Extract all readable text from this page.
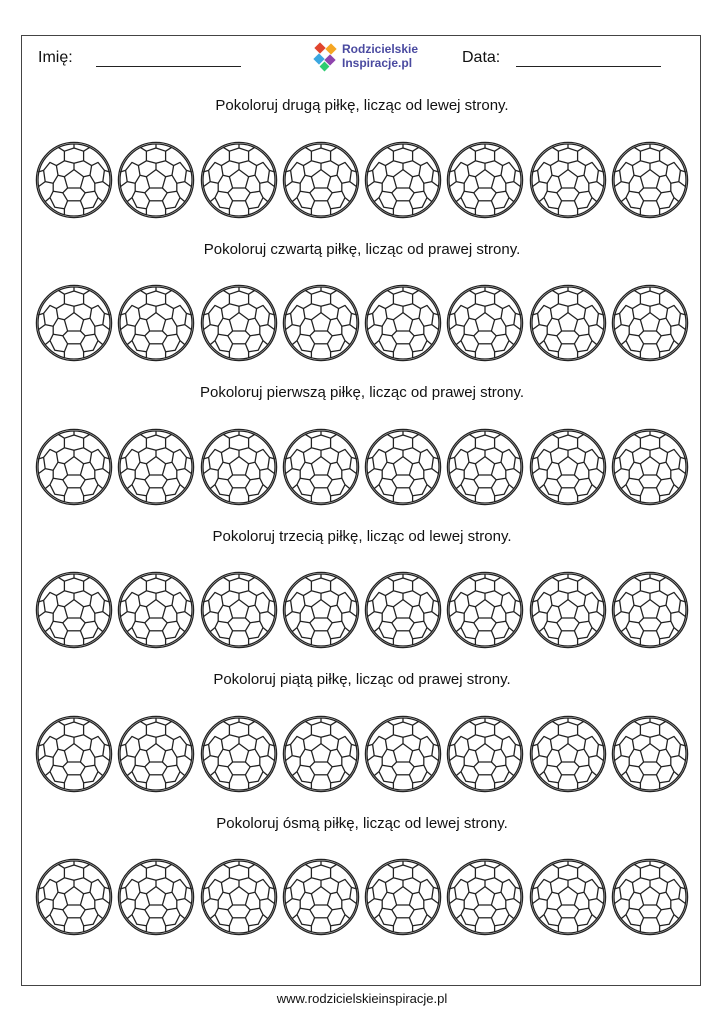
Imię:	Rodzicielskie
Inspiracje.pl	Data:
Pokoloruj drugą piłkę, licząc od lewej strony.
Pokoloruj czwartą piłkę, licząc od prawej strony.
Pokoloruj pierwszą piłkę, licząc od prawej strony.
Pokoloruj trzecią piłkę, licząc od lewej strony.
Pokoloruj piątą piłkę, licząc od prawej strony.
Pokoloruj ósmą piłkę, licząc od lewej strony.
www.rodzicielskieinspiracje.pl
